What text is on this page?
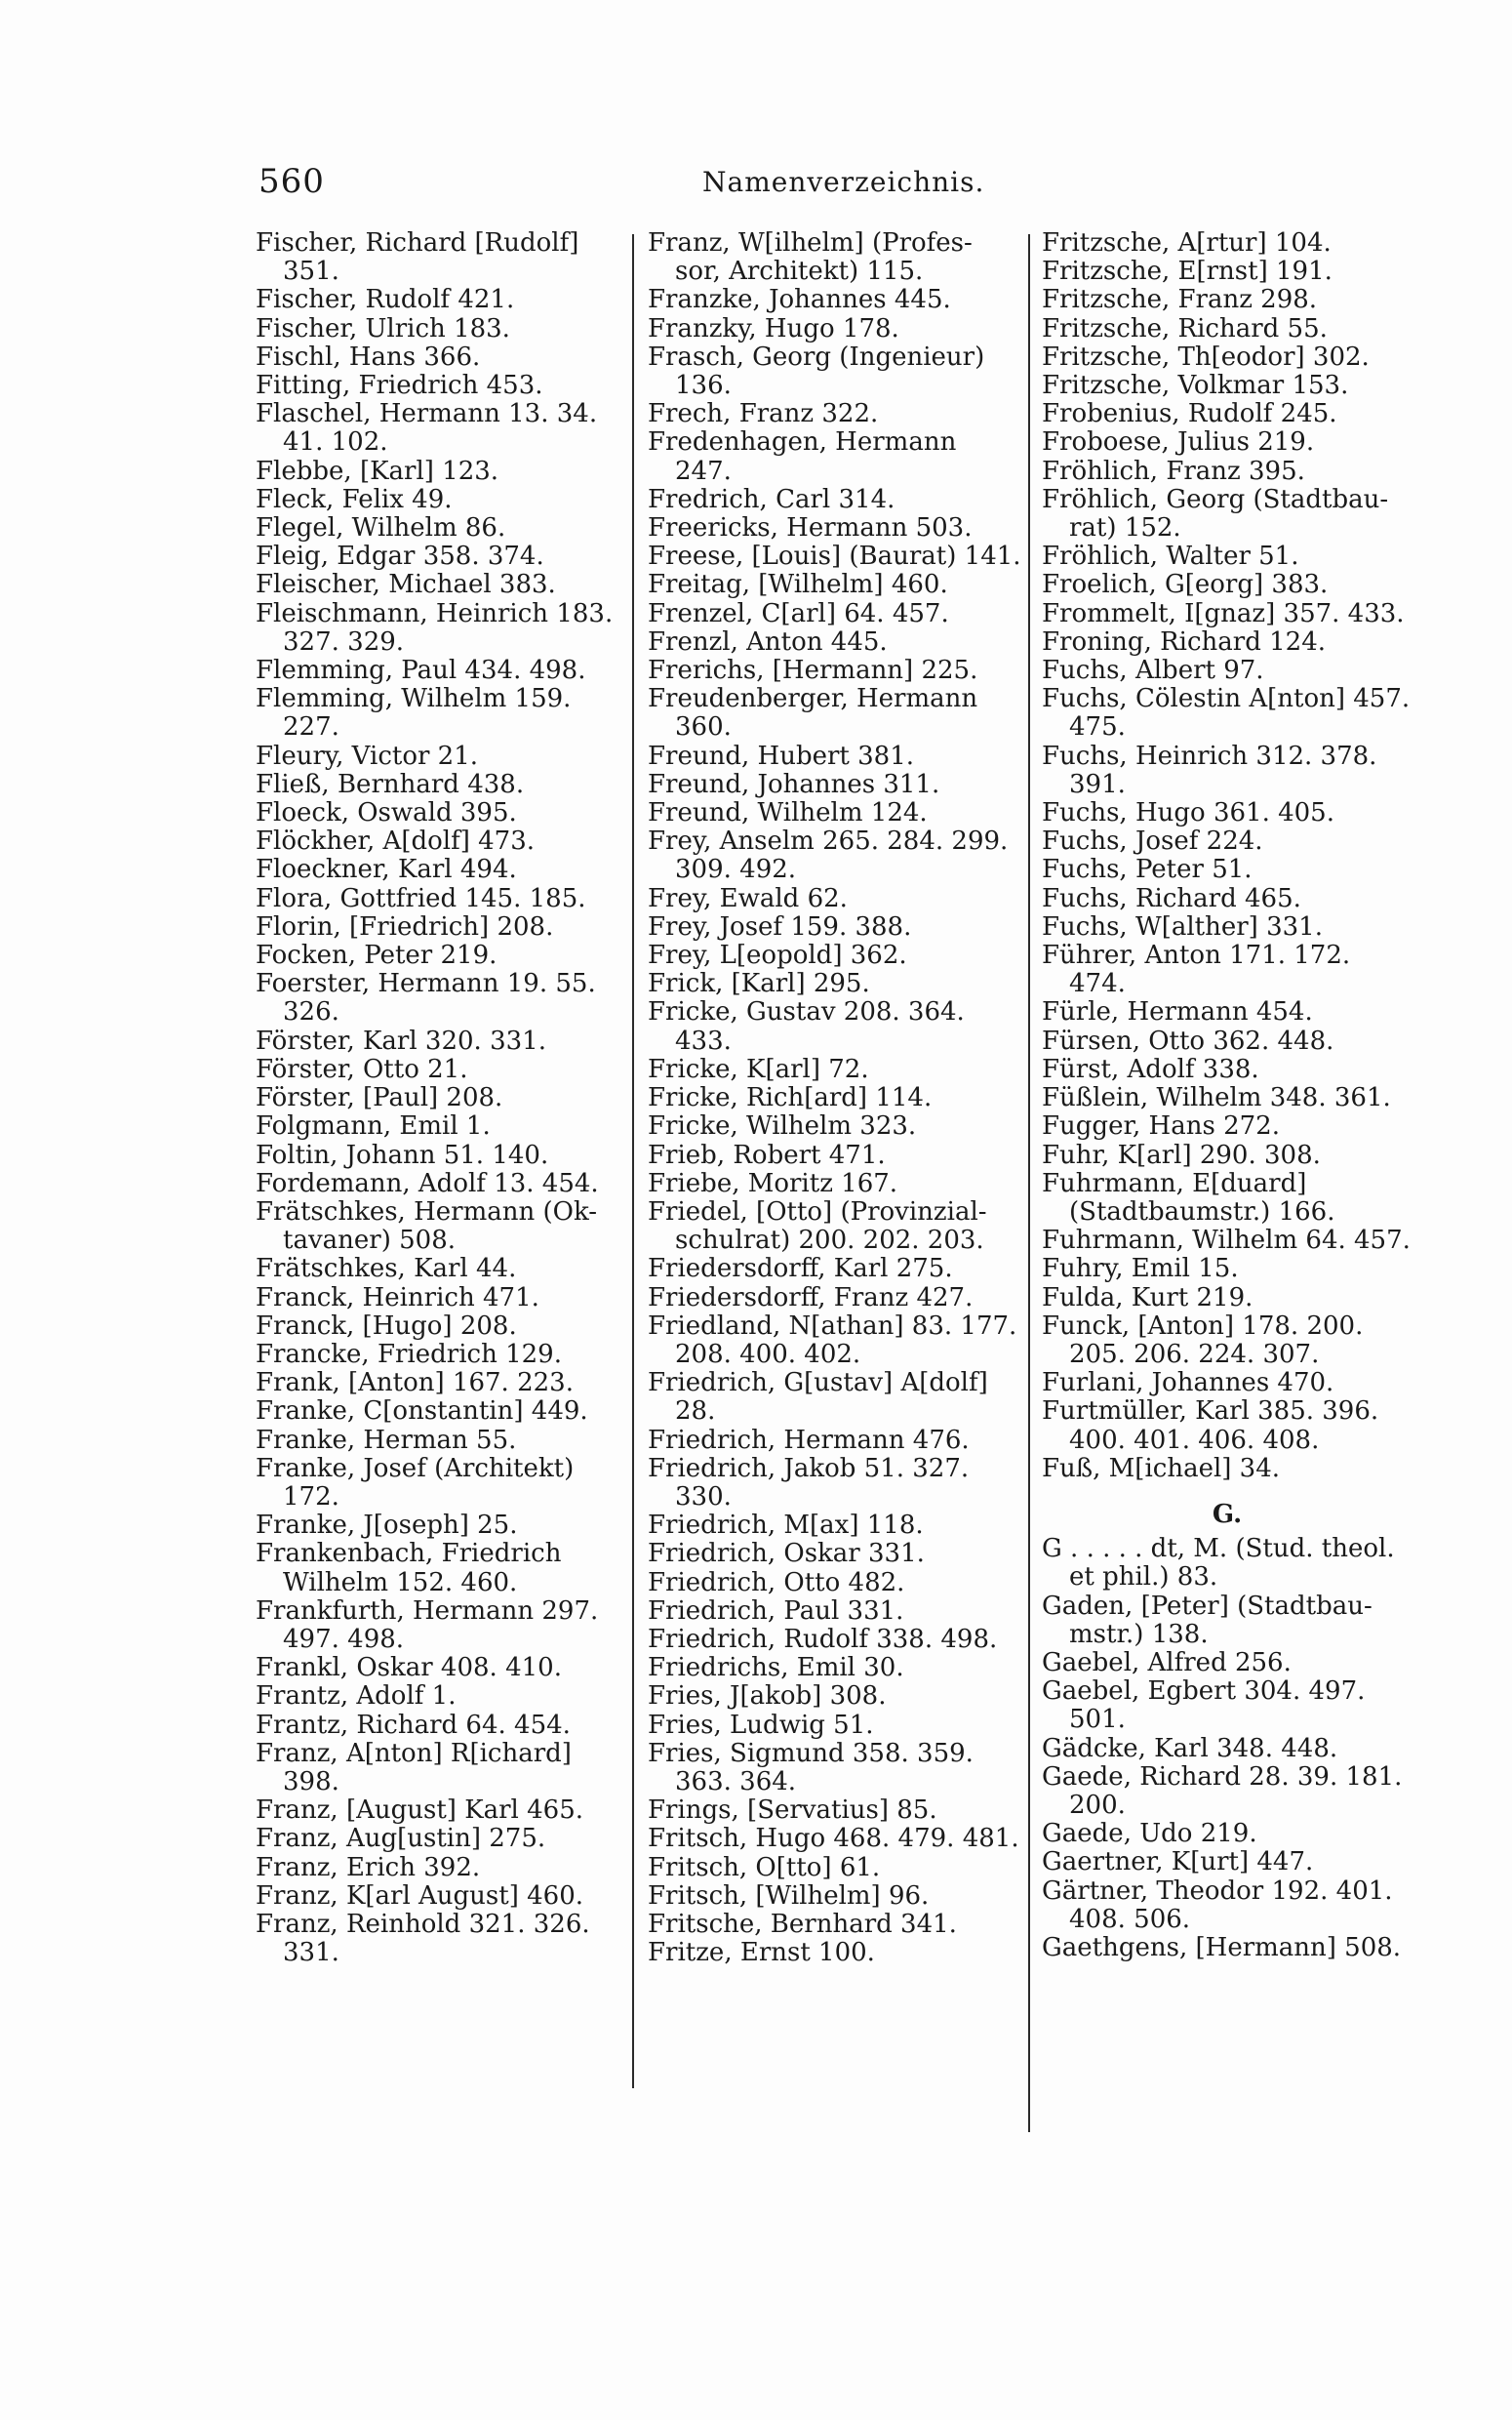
560	Namenverzeichnis.
Fischer, Richard [Rudolf]
351.
Fischer, Rudolf 421.
Fischer, Ulrich 183.
Fischl, Hans 366.
Fitting, Friedrich 453.
Flaschel, Hermann 13. 34.
41. 102.
Flebbe, [Karl] 123.
Fleck, Felix 49.
Flegel, Wilhelm 86.
Fleig, Edgar 358. 374.
Fleischer, Michael 383.
Fleischmann, Heinrich 183.
327. 329.
Flemming, Paul 434. 498.
Flemming, Wilhelm 159.
227.
Fleury, Victor 21.
Fließ, Bernhard 438.
Floeck, Oswald 395.
Flöckher, A[dolf] 473.
Floeckner, Karl 494.
Flora, Gottfried 145. 185.
Florin, [Friedrich] 208.
Focken, Peter 219.
Foerster, Hermann 19. 55.
326.
Förster, Karl 320. 331.
Förster, Otto 21.
Förster, [Paul] 208.
Folgmann, Emil 1.
Foltin, Johann 51. 140.
Fordemann, Adolf 13. 454.
Frätschkes, Hermann (Ok-
tavaner) 508.
Frätschkes, Karl 44.
Franck, Heinrich 471.
Franck, [Hugo] 208.
Francke, Friedrich 129.
Frank, [Anton] 167. 223.
Franke, C[onstantin] 449.
Franke, Herman 55.
Franke, Josef (Architekt)
172.
Franke, J[oseph] 25.
Frankenbach, Friedrich
Wilhelm 152. 460.
Frankfurth, Hermann 297.
497. 498.
Frankl, Oskar 408. 410.
Frantz, Adolf 1.
Frantz, Richard 64. 454.
Franz, A[nton] R[ichard]
398.
Franz, [August] Karl 465.
Franz, Aug[ustin] 275.
Franz, Erich 392.
Franz, K[arl August] 460.
Franz, Reinhold 321. 326.
331.
Franz, W[ilhelm] (Profes-
sor, Architekt) 115.
Franzke, Johannes 445.
Franzky, Hugo 178.
Frasch, Georg (Ingenieur)
136.
Frech, Franz 322.
Fredenhagen, Hermann
247.
Fredrich, Carl 314.
Freericks, Hermann 503.
Freese, [Louis] (Baurat) 141.
Freitag, [Wilhelm] 460.
Frenzel, C[arl] 64. 457.
Frenzl, Anton 445.
Frerichs, [Hermann] 225.
Freudenberger, Hermann
360.
Freund, Hubert 381.
Freund, Johannes 311.
Freund, Wilhelm 124.
Frey, Anselm 265. 284. 299.
309. 492.
Frey, Ewald 62.
Frey, Josef 159. 388.
Frey, L[eopold] 362.
Frick, [Karl] 295.
Fricke, Gustav 208. 364.
433.
Fricke, K[arl] 72.
Fricke, Rich[ard] 114.
Fricke, Wilhelm 323.
Frieb, Robert 471.
Friebe, Moritz 167.
Friedel, [Otto] (Provinzial-
schulrat) 200. 202. 203.
Friedersdorff, Karl 275.
Friedersdorff, Franz 427.
Friedland, N[athan] 83. 177.
208. 400. 402.
Friedrich, G[ustav] A[dolf]
28.
Friedrich, Hermann 476.
Friedrich, Jakob 51. 327.
330.
Friedrich, M[ax] 118.
Friedrich, Oskar 331.
Friedrich, Otto 482.
Friedrich, Paul 331.
Friedrich, Rudolf 338. 498.
Friedrichs, Emil 30.
Fries, J[akob] 308.
Fries, Ludwig 51.
Fries, Sigmund 358. 359.
363. 364.
Frings, [Servatius] 85.
Fritsch, Hugo 468. 479. 481.
Fritsch, O[tto] 61.
Fritsch, [Wilhelm] 96.
Fritsche, Bernhard 341.
Fritze, Ernst 100.
Fritzsche, A[rtur] 104.
Fritzsche, E[rnst] 191.
Fritzsche, Franz 298.
Fritzsche, Richard 55.
Fritzsche, Th[eodor] 302.
Fritzsche, Volkmar 153.
Frobenius, Rudolf 245.
Froboese, Julius 219.
Fröhlich, Franz 395.
Fröhlich, Georg (Stadtbau-
rat) 152.
Fröhlich, Walter 51.
Froelich, G[eorg] 383.
Frommelt, I[gnaz] 357. 433.
Froning, Richard 124.
Fuchs, Albert 97.
Fuchs, Cölestin A[nton] 457.
475.
Fuchs, Heinrich 312. 378.
391.
Fuchs, Hugo 361. 405.
Fuchs, Josef 224.
Fuchs, Peter 51.
Fuchs, Richard 465.
Fuchs, W[alther] 331.
Führer, Anton 171. 172.
474.
Fürle, Hermann 454.
Fürsen, Otto 362. 448.
Fürst, Adolf 338.
Füßlein, Wilhelm 348. 361.
Fugger, Hans 272.
Fuhr, K[arl] 290. 308.
Fuhrmann, E[duard]
(Stadtbaumstr.) 166.
Fuhrmann, Wilhelm 64. 457.
Fuhry, Emil 15.
Fulda, Kurt 219.
Funck, [Anton] 178. 200.
205. 206. 224. 307.
Furlani, Johannes 470.
Furtmüller, Karl 385. 396.
400. 401. 406. 408.
Fuß, M[ichael] 34.
G.
G . . . . . dt, M. (Stud. theol.
et phil.) 83.
Gaden, [Peter] (Stadtbau-
mstr.) 138.
Gaebel, Alfred 256.
Gaebel, Egbert 304. 497.
501.
Gädcke, Karl 348. 448.
Gaede, Richard 28. 39. 181.
200.
Gaede, Udo 219.
Gaertner, K[urt] 447.
Gärtner, Theodor 192. 401.
408. 506.
Gaethgens, [Hermann] 508.
